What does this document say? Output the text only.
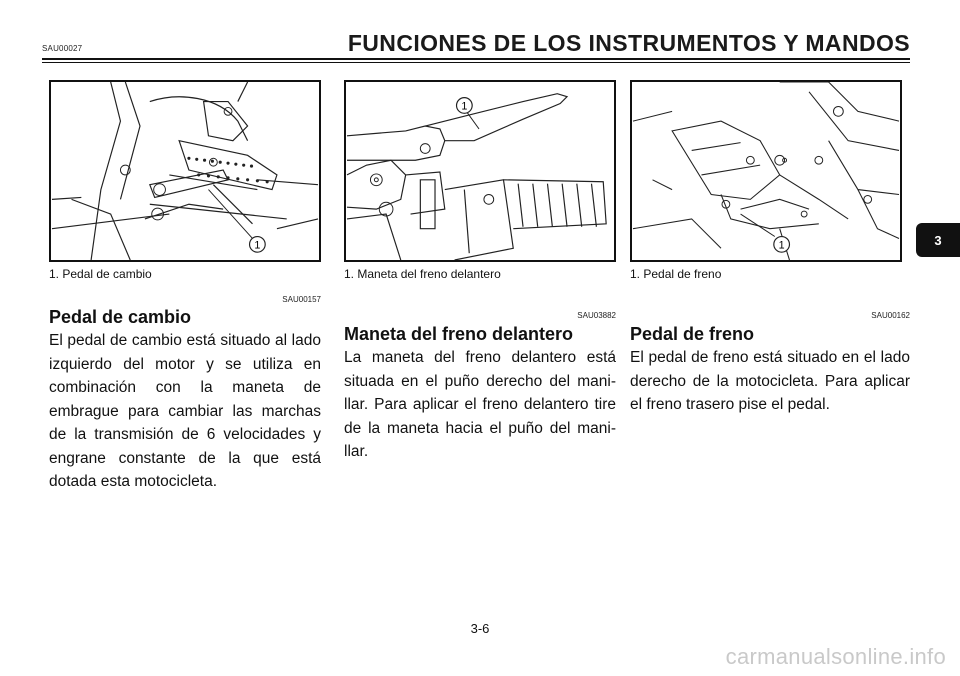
SAU00027	FUNCIONES DE LOS INSTRUMENTOS Y MANDOS
1
1. Pedal de cambio
1
1. Maneta del freno delantero
1
1. Pedal de freno
SAU00157
Pedal de cambio
El pedal de cambio está situado al lado izquierdo del motor y se utiliza en combinación con la maneta de embrague para cambiar las marchas de la transmisión de 6 velocidades y engrane constante de la que está dotada esta motocicleta.
SAU03882
Maneta del freno delantero
La maneta del freno delantero está situada en el puño derecho del mani-llar. Para aplicar el freno delantero tire de la maneta hacia el puño del mani-llar.
SAU00162
Pedal de freno
El pedal de freno está situado en el lado derecho de la motocicleta. Para aplicar el freno trasero pise el pedal.
3
3-6
carmanualsonline.info
